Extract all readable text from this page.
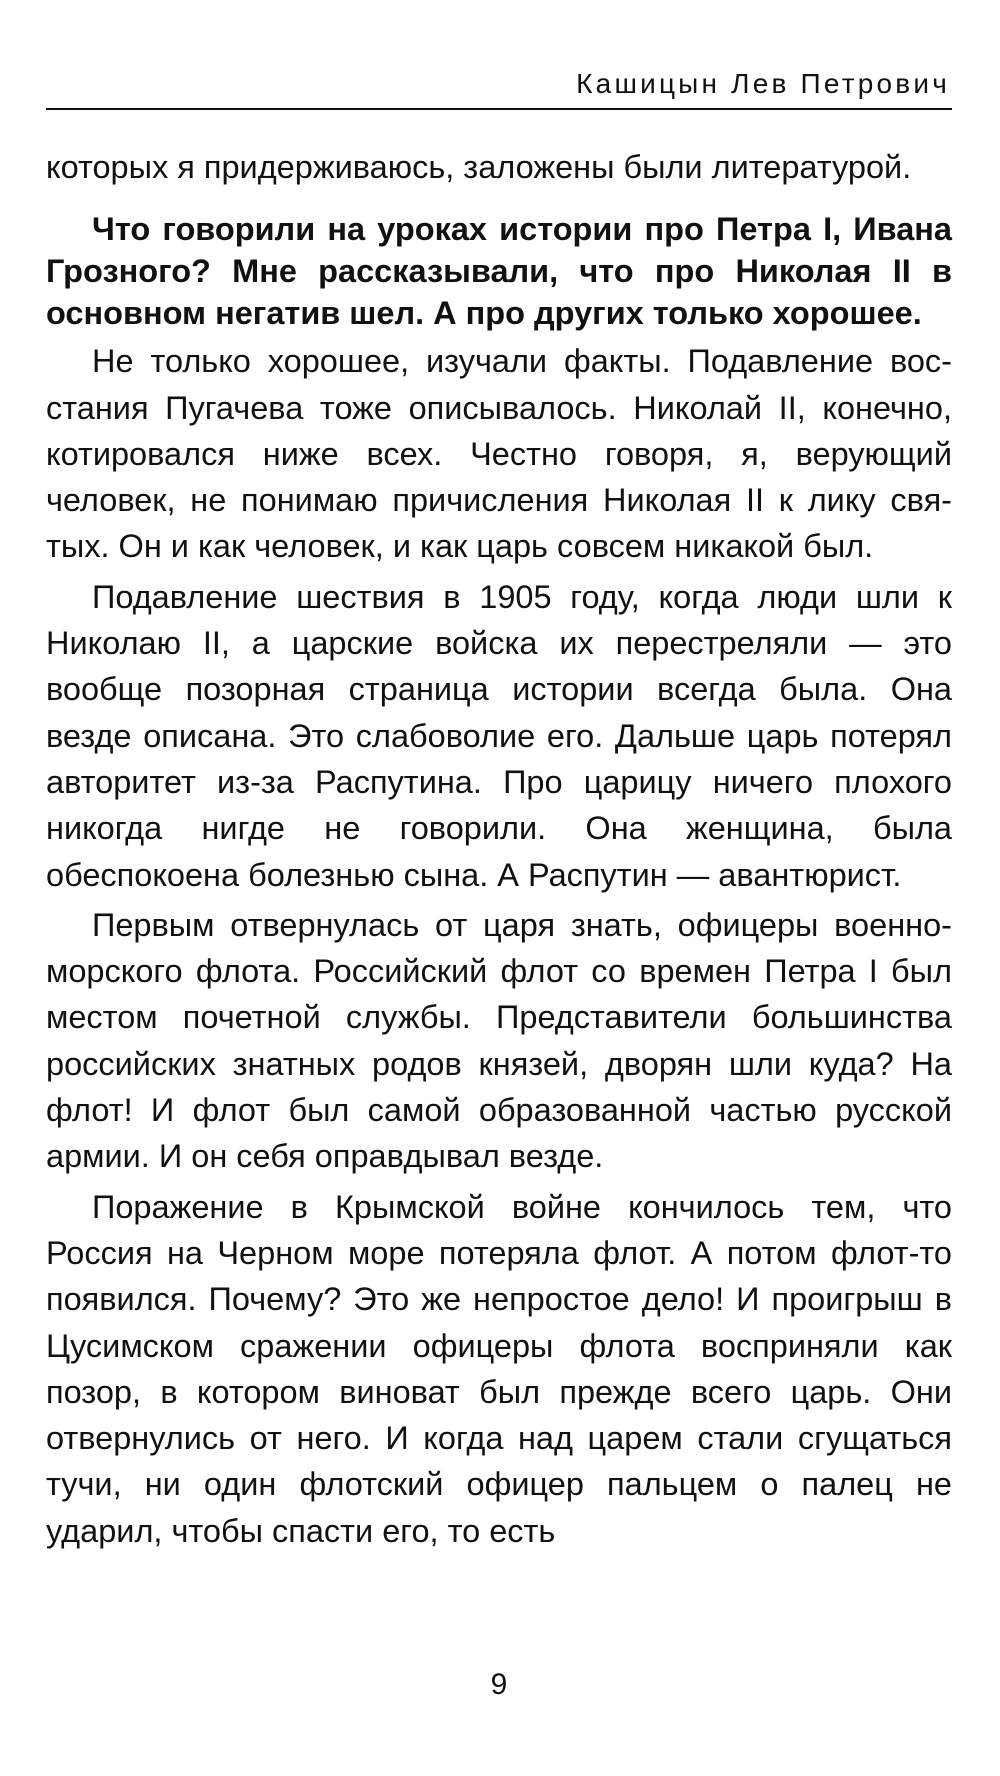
Кашицын Лев Петрович

которых я придерживаюсь, заложены были литературой.

Что говорили на уроках истории про Петра I, Ивана Грозного? Мне рассказывали, что про Николая II в основном негатив шел. А про других только хорошее.

Не только хорошее, изучали факты. Подавление восстания Пугачева тоже описывалось. Николай II, конечно, котировался ниже всех. Честно говоря, я, верующий человек, не понимаю причисления Николая II к лику святых. Он и как человек, и как царь совсем никакой был.

Подавление шествия в 1905 году, когда люди шли к Николаю II, а царские войска их перестреляли — это вообще позорная страница истории всегда была. Она везде описана. Это слабоволие его. Дальше царь потерял авторитет из-за Распутина. Про царицу ничего плохого никогда нигде не говорили. Она женщина, была обеспокоена болезнью сына. А Распутин — авантюрист.

Первым отвернулась от царя знать, офицеры военно-морского флота. Российский флот со времен Петра I был местом почетной службы. Представители большинства российских знатных родов князей, дворян шли куда? На флот! И флот был самой образованной частью русской армии. И он себя оправдывал везде.

Поражение в Крымской войне кончилось тем, что Россия на Черном море потеряла флот. А потом флот-то появился. Почему? Это же непростое дело! И проигрыш в Цусимском сражении офицеры флота восприняли как позор, в котором виноват был прежде всего царь. Они отвернулись от него. И когда над царем стали сгущаться тучи, ни один флотский офицер пальцем о палец не ударил, чтобы спасти его, то есть

9
